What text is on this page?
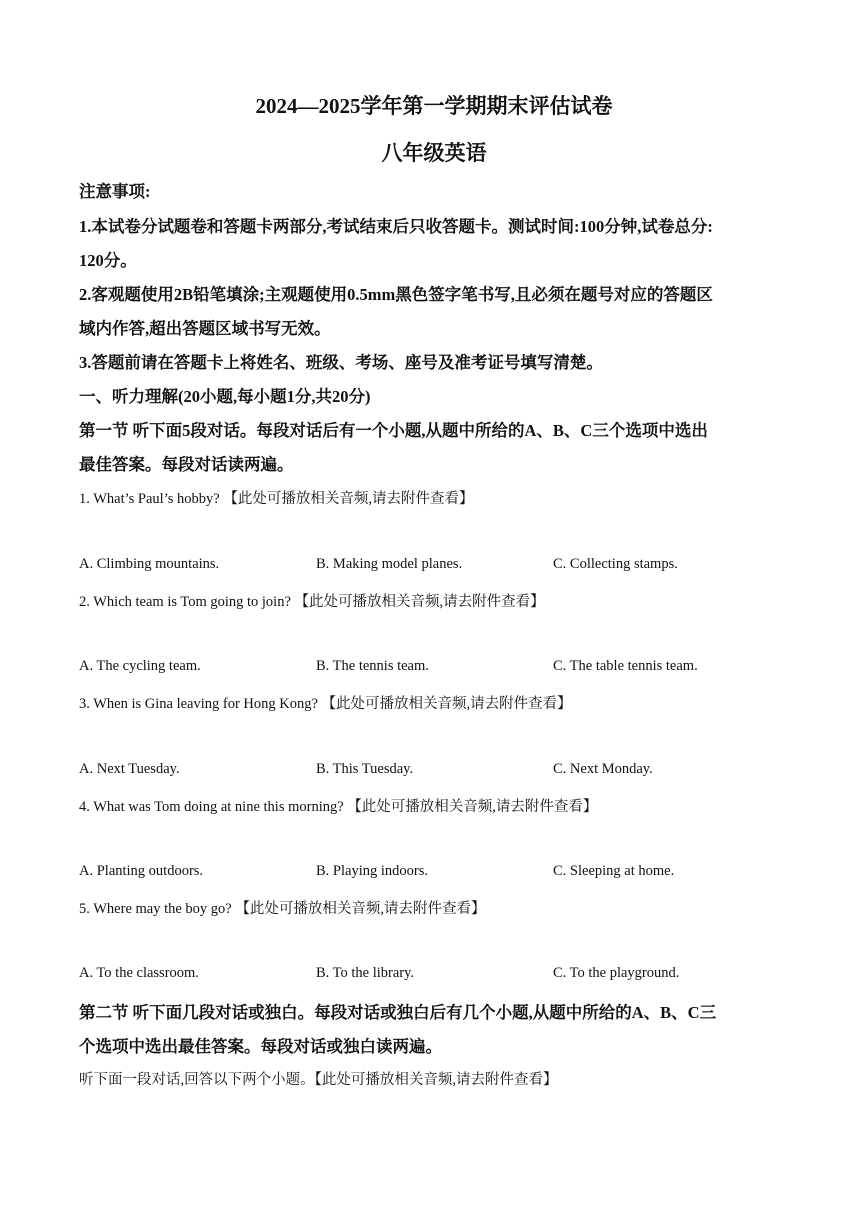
2024—2025学年第一学期期末评估试卷
八年级英语
注意事项:
1.本试卷分试题卷和答题卡两部分,考试结束后只收答题卡。测试时间:100分钟,试卷总分:
120分。
2.客观题使用2B铅笔填涂;主观题使用0.5mm黑色签字笔书写,且必须在题号对应的答题区
域内作答,超出答题区域书写无效。
3.答题前请在答题卡上将姓名、班级、考场、座号及准考证号填写清楚。
一、听力理解(20小题,每小题1分,共20分)
第一节 听下面5段对话。每段对话后有一个小题,从题中所给的A、B、C三个选项中选出
最佳答案。每段对话读两遍。
1. What’s Paul’s hobby? 【此处可播放相关音频,请去附件查看】
A. Climbing mountains.	B. Making model planes.	C. Collecting stamps.
2. Which team is Tom going to join? 【此处可播放相关音频,请去附件查看】
A. The cycling team.	B. The tennis team.	C. The table tennis team.
3. When is Gina leaving for Hong Kong? 【此处可播放相关音频,请去附件查看】
A. Next Tuesday.	B. This Tuesday.	C. Next Monday.
4. What was Tom doing at nine this morning? 【此处可播放相关音频,请去附件查看】
A. Planting outdoors.	B. Playing indoors.	C. Sleeping at home.
5. Where may the boy go? 【此处可播放相关音频,请去附件查看】
A. To the classroom.	B. To the library.	C. To the playground.
第二节 听下面几段对话或独白。每段对话或独白后有几个小题,从题中所给的A、B、C三
个选项中选出最佳答案。每段对话或独白读两遍。
听下面一段对话,回答以下两个小题。【此处可播放相关音频,请去附件查看】
